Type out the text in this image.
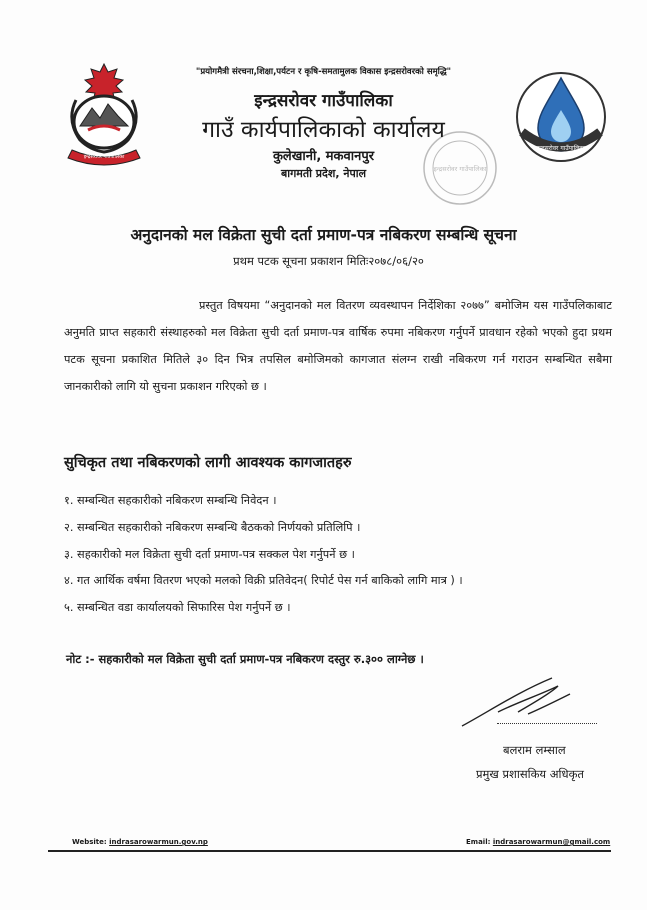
इन्द्रसरोवर गाउँपालिका
इन्द्रसरोवर गाउँपालिका
इन्द्रसरोवर गाउँपालिका
"प्रयोगमैत्री संरचना,शिक्षा,पर्यटन र कृषि-समतामुलक विकास इन्द्रसरोवरको समृद्धि"
इन्द्रसरोवर गाउँपालिका
गाउँ कार्यपालिकाको कार्यालय
कुलेखानी, मकवानपुर
बागमती प्रदेश, नेपाल
अनुदानको मल विक्रेता सुची दर्ता प्रमाण-पत्र नबिकरण सम्बन्धि सूचना
प्रथम पटक सूचना प्रकाशन मितिः२०७८/०६/२०
प्रस्तुत विषयमा “अनुदानको मल वितरण व्यवस्थापन निर्देशिका २०७७” बमोजिम यस गाउँपलिकाबाट अनुमति प्राप्त सहकारी संस्थाहरुको मल विक्रेता सुची दर्ता प्रमाण-पत्र वार्षिक रुपमा नबिकरण गर्नुपर्ने प्रावधान रहेको भएको हुदा प्रथम पटक सूचना प्रकाशित मितिले ३० दिन भित्र तपसिल बमोजिमको कागजात संलग्न राखी नबिकरण गर्न गराउन सम्बन्धित सबैमा जानकारीको लागि यो सुचना प्रकाशन गरिएको छ ।
सुचिकृत तथा नबिकरणको लागी आवश्यक कागजातहरु
१. सम्बन्धित सहकारीको नबिकरण सम्बन्धि निवेदन ।
२. सम्बन्धित सहकारीको नबिकरण सम्बन्धि बैठकको निर्णयको प्रतिलिपि ।
३. सहकारीको मल विक्रेता सुची दर्ता प्रमाण-पत्र सक्कल पेश गर्नुपर्ने छ ।
४. गत आर्थिक वर्षमा वितरण भएको मलको विक्री प्रतिवेदन( रिपोर्ट पेस गर्न बाकिको लागि मात्र ) ।
५. सम्बन्धित वडा कार्यालयको सिफारिस पेश गर्नुपर्ने छ ।
नोट :- सहकारीको मल विक्रेता सुची दर्ता प्रमाण-पत्र नबिकरण दस्तुर रु.३०० लाग्नेछ ।
बलराम लम्साल
प्रमुख प्रशासकिय अधिकृत
Website: indrasarowarmun.gov.np	Email: indrasarowarmun@gmail.com
